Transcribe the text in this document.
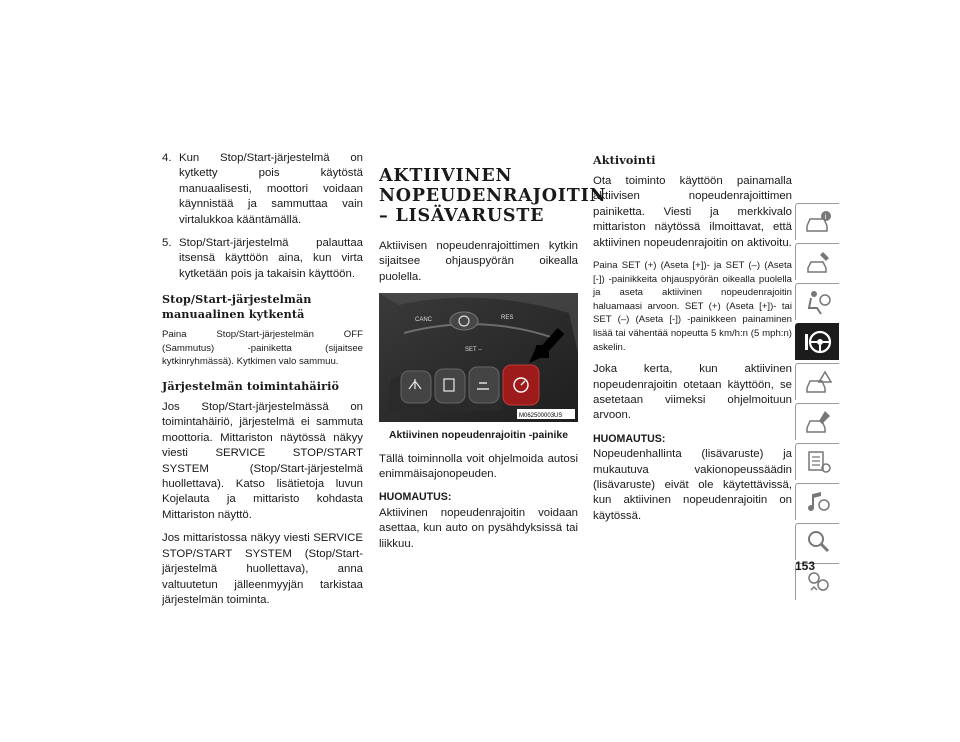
4. Kun Stop/Start-järjestelmä on kytketty pois käytöstä manuaalisesti, moottori voidaan käynnistää ja sammuttaa vain virtalukkoa kääntämällä.
5. Stop/Start-järjestelmä palauttaa itsensä käyttöön aina, kun virta kytketään pois ja takaisin käyttöön.
Stop/Start-järjestelmän manuaalinen kytkentä

Paina Stop/Start-järjestelmän OFF (Sammutus) -painiketta (sijaitsee kytkinryhmässä). Kytkimen valo sammuu.

Järjestelmän toimintahäiriö

Jos Stop/Start-järjestelmässä on toimintahäiriö, järjestelmä ei sammuta moottoria. Mittariston näytössä näkyy viesti SERVICE STOP/START SYSTEM (Stop/Start-järjestelmä huollettava). Katso lisätietoja luvun Kojelauta ja mittaristo kohdasta Mittariston näyttö.

Jos mittaristossa näkyy viesti SERVICE STOP/START SYSTEM (Stop/Start-järjestelmä huollettava), anna valtuutetun jälleenmyyjän tarkistaa järjestelmän toiminta.

AKTIIVINEN NOPEUDENRAJOITIN – LISÄVARUSTE

Aktiivisen nopeudenrajoittimen kytkin sijaitsee ohjauspyörän oikealla puolella.

CANC	RES
SET –
M062500003US

Aktiivinen nopeudenrajoitin -painike

Tällä toiminnolla voit ohjelmoida autosi enimmäisajonopeuden.

HUOMAUTUS:
Aktiivinen nopeudenrajoitin voidaan asettaa, kun auto on pysähdyksissä tai liikkuu.

Aktivointi

Ota toiminto käyttöön painamalla aktiivisen nopeudenrajoittimen painiketta. Viesti ja merkkivalo mittariston näytössä ilmoittavat, että aktiivinen nopeudenrajoitin on aktivoitu.

Paina SET (+) (Aseta [+])- ja SET (–) (Aseta [-]) -painikkeita ohjauspyörän oikealla puolella ja aseta aktiivinen nopeudenrajoitin haluamaasi arvoon. SET (+) (Aseta [+])- tai SET (–) (Aseta [-]) -painikkeen painaminen lisää tai vähentää nopeutta 5 km/h:n (5 mph:n) askelin.

Joka kerta, kun aktiivinen nopeudenrajoitin otetaan käyttöön, se asetetaan viimeksi ohjelmoituun arvoon.

HUOMAUTUS:
Nopeudenhallinta (lisävaruste) ja mukautuva vakionopeussäädin (lisävaruste) eivät ole käytettävissä, kun aktiivinen nopeudenrajoitin on käytössä.

i
153
